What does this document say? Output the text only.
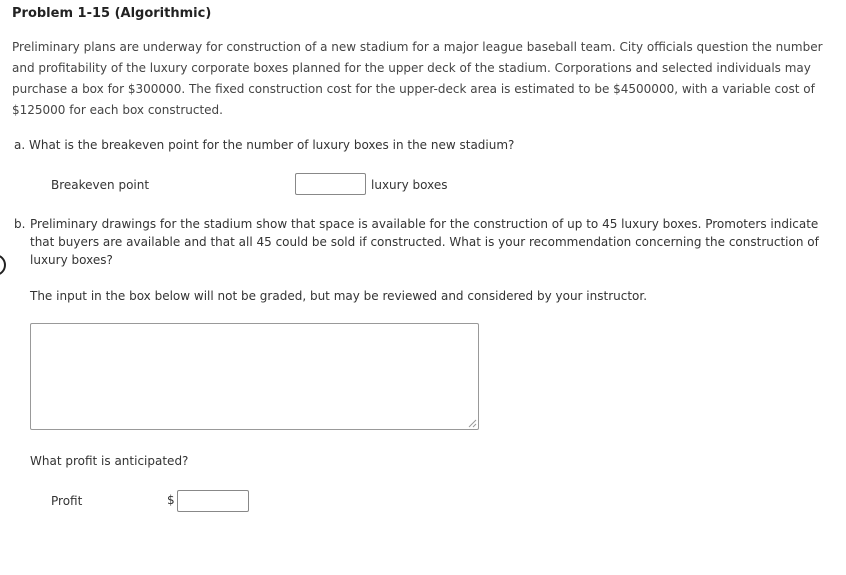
Problem 1-15 (Algorithmic)

Preliminary plans are underway for construction of a new stadium for a major league baseball team. City officials question the number and profitability of the luxury corporate boxes planned for the upper deck of the stadium. Corporations and selected individuals may purchase a box for $300000. The fixed construction cost for the upper-deck area is estimated to be $4500000, with a variable cost of $125000 for each box constructed.

a. What is the breakeven point for the number of luxury boxes in the new stadium?
Breakeven point	luxury boxes
b. Preliminary drawings for the stadium show that space is available for the construction of up to 45 luxury boxes. Promoters indicate that buyers are available and that all 45 could be sold if constructed. What is your recommendation concerning the construction of luxury boxes?
The input in the box below will not be graded, but may be reviewed and considered by your instructor.
What profit is anticipated?
Profit	$
